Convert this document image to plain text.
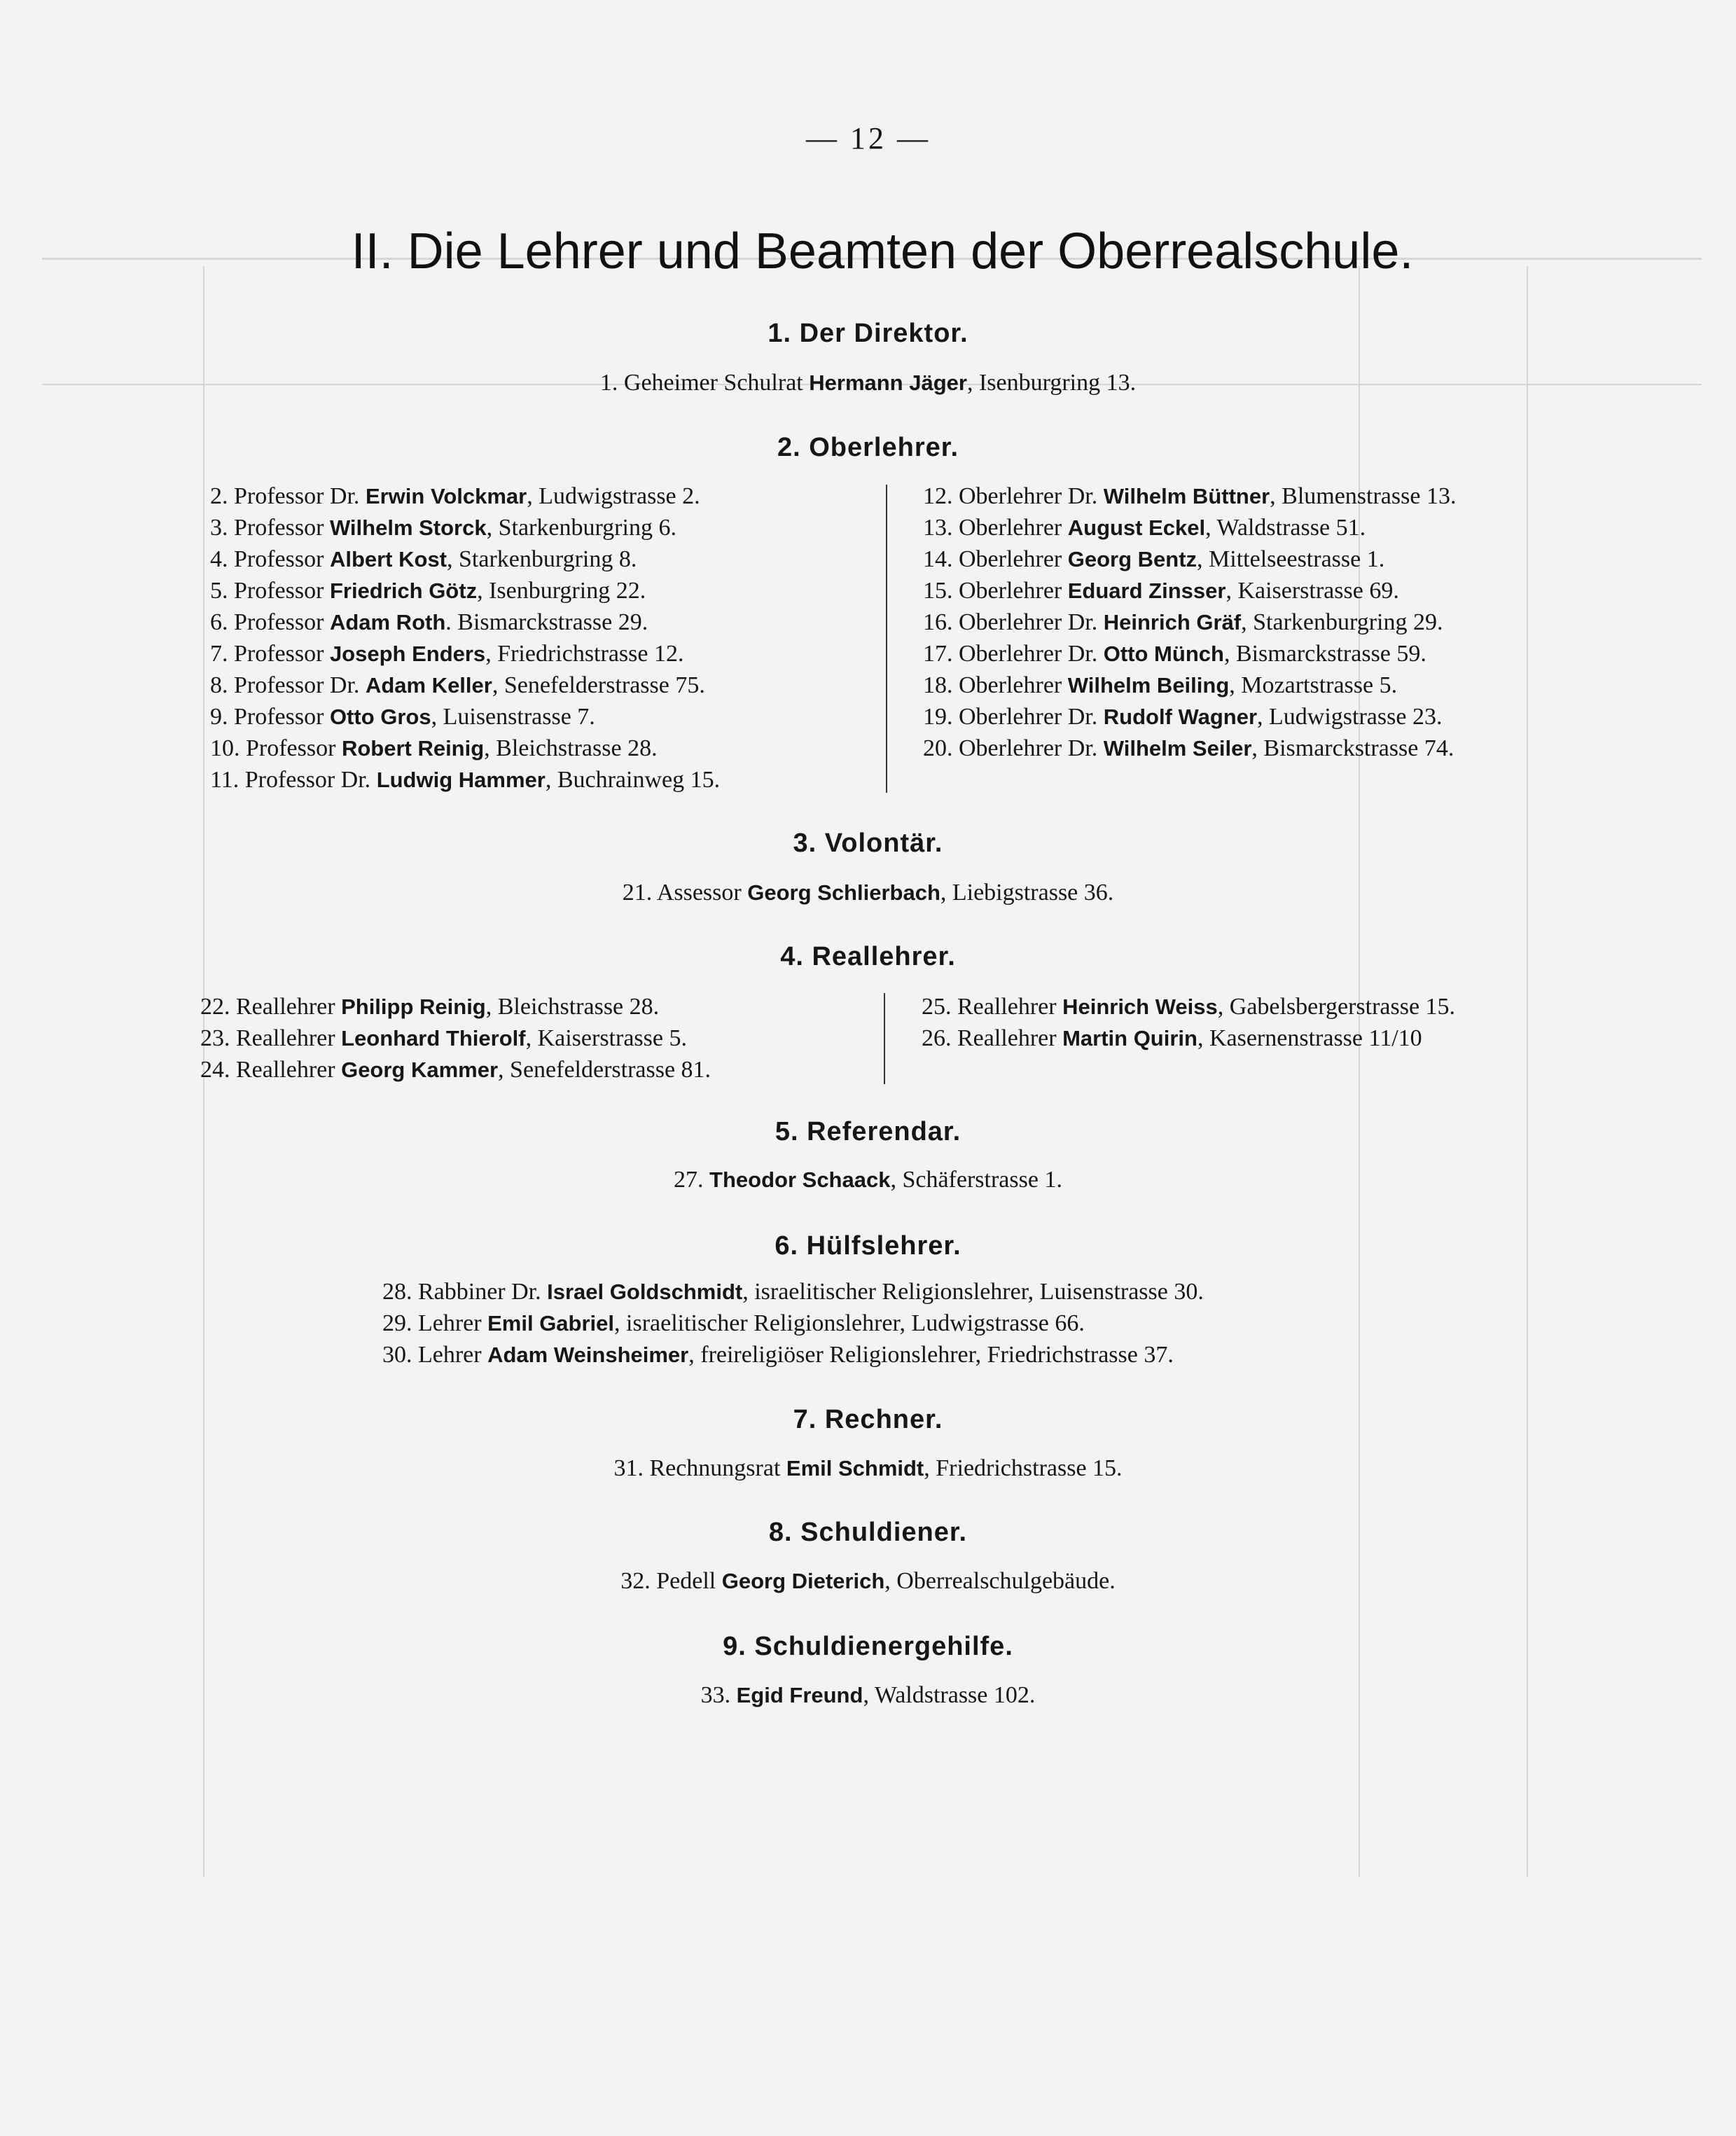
— 12 —
II. Die Lehrer und Beamten der Oberrealschule.
1. Der Direktor.
1. Geheimer Schulrat Hermann Jäger, Isenburgring 13.
2. Oberlehrer.
2. Professor Dr. Erwin Volckmar, Ludwigstrasse 2.
3. Professor Wilhelm Storck, Starkenburgring 6.
4. Professor Albert Kost, Starkenburgring 8.
5. Professor Friedrich Götz, Isenburgring 22.
6. Professor Adam Roth. Bismarckstrasse 29.
7. Professor Joseph Enders, Friedrichstrasse 12.
8. Professor Dr. Adam Keller, Senefelderstrasse 75.
9. Professor Otto Gros, Luisenstrasse 7.
10. Professor Robert Reinig, Bleichstrasse 28.
11. Professor Dr. Ludwig Hammer, Buchrainweg 15.
12. Oberlehrer Dr. Wilhelm Büttner, Blumenstrasse 13.
13. Oberlehrer August Eckel, Waldstrasse 51.
14. Oberlehrer Georg Bentz, Mittelseestrasse 1.
15. Oberlehrer Eduard Zinsser, Kaiserstrasse 69.
16. Oberlehrer Dr. Heinrich Gräf, Starkenburgring 29.
17. Oberlehrer Dr. Otto Münch, Bismarckstrasse 59.
18. Oberlehrer Wilhelm Beiling, Mozartstrasse 5.
19. Oberlehrer Dr. Rudolf Wagner, Ludwigstrasse 23.
20. Oberlehrer Dr. Wilhelm Seiler, Bismarckstrasse 74.
3. Volontär.
21. Assessor Georg Schlierbach, Liebigstrasse 36.
4. Reallehrer.
22. Reallehrer Philipp Reinig, Bleichstrasse 28.
23. Reallehrer Leonhard Thierolf, Kaiserstrasse 5.
24. Reallehrer Georg Kammer, Senefelderstrasse 81.
25. Reallehrer Heinrich Weiss, Gabelsbergerstrasse 15.
26. Reallehrer Martin Quirin, Kasernenstrasse 11/10
5. Referendar.
27. Theodor Schaack, Schäferstrasse 1.
6. Hülfslehrer.
28. Rabbiner Dr. Israel Goldschmidt, israelitischer Religionslehrer, Luisenstrasse 30.
29. Lehrer Emil Gabriel, israelitischer Religionslehrer, Ludwigstrasse 66.
30. Lehrer Adam Weinsheimer, freireligiöser Religionslehrer, Friedrichstrasse 37.
7. Rechner.
31. Rechnungsrat Emil Schmidt, Friedrichstrasse 15.
8. Schuldiener.
32. Pedell Georg Dieterich, Oberrealschulgebäude.
9. Schuldienergehilfe.
33. Egid Freund, Waldstrasse 102.
